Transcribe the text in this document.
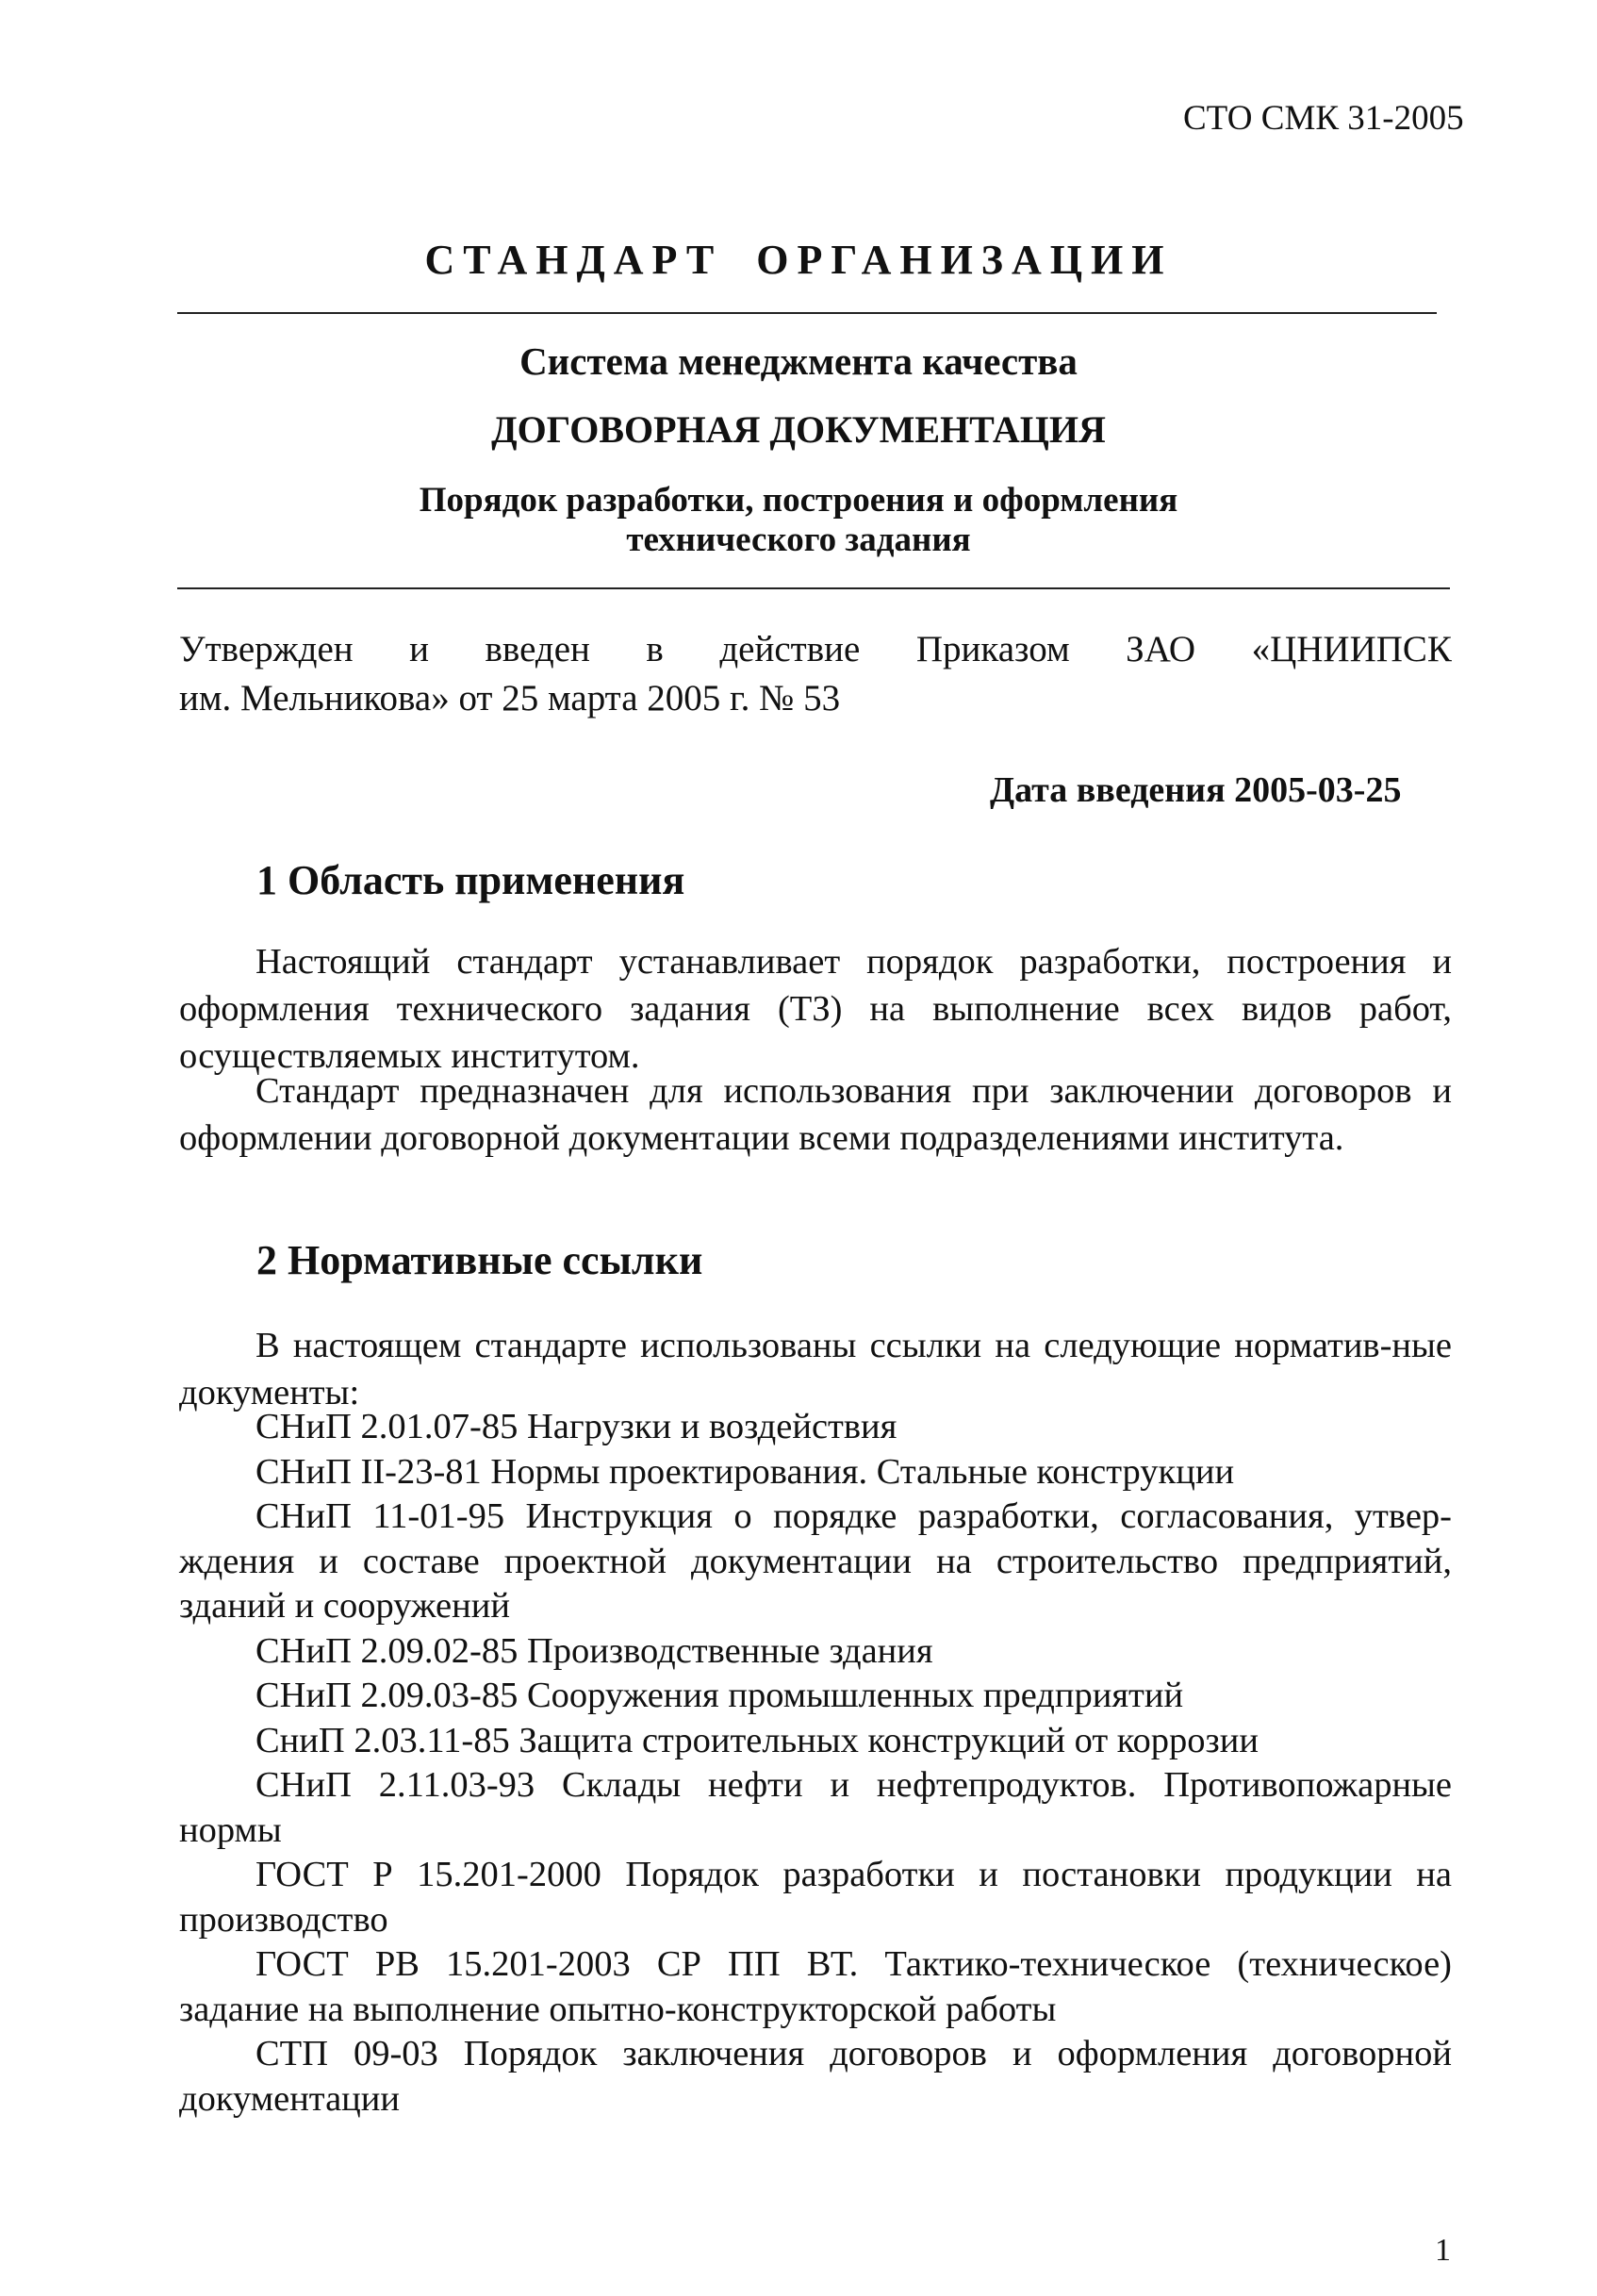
СТО СМК 31-2005
СТАНДАРТ ОРГАНИЗАЦИИ
Система менеджмента качества
ДОГОВОРНАЯ ДОКУМЕНТАЦИЯ
Порядок разработки, построения и оформления
технического задания
Утвержден и введен в действие Приказом ЗАО «ЦНИИПСК
им. Мельникова» от 25 марта 2005 г. № 53
Дата введения 2005-03-25
1 Область применения
Настоящий стандарт устанавливает порядок разработки, построения и оформления технического задания (ТЗ) на выполнение всех видов работ, осуществляемых институтом.
Стандарт предназначен для использования при заключении договоров и оформлении договорной документации всеми подразделениями института.
2 Нормативные ссылки
В настоящем стандарте использованы ссылки на следующие норматив-ные документы:
СНиП 2.01.07-85 Нагрузки и воздействия
СНиП II-23-81 Нормы проектирования. Стальные конструкции
СНиП 11-01-95 Инструкция о порядке разработки, согласования, утвер-ждения и составе проектной документации на строительство предприятий, зданий и сооружений
СНиП 2.09.02-85 Производственные здания
СНиП 2.09.03-85 Сооружения промышленных предприятий
СниП 2.03.11-85 Защита строительных конструкций от коррозии
СНиП 2.11.03-93 Склады нефти и нефтепродуктов. Противопожарные нормы
ГОСТ Р 15.201-2000 Порядок разработки и постановки продукции на производство
ГОСТ РВ 15.201-2003 СР ПП ВТ. Тактико-техническое (техническое) задание на выполнение опытно-конструкторской работы
СТП 09-03 Порядок заключения договоров и оформления договорной документации
1
